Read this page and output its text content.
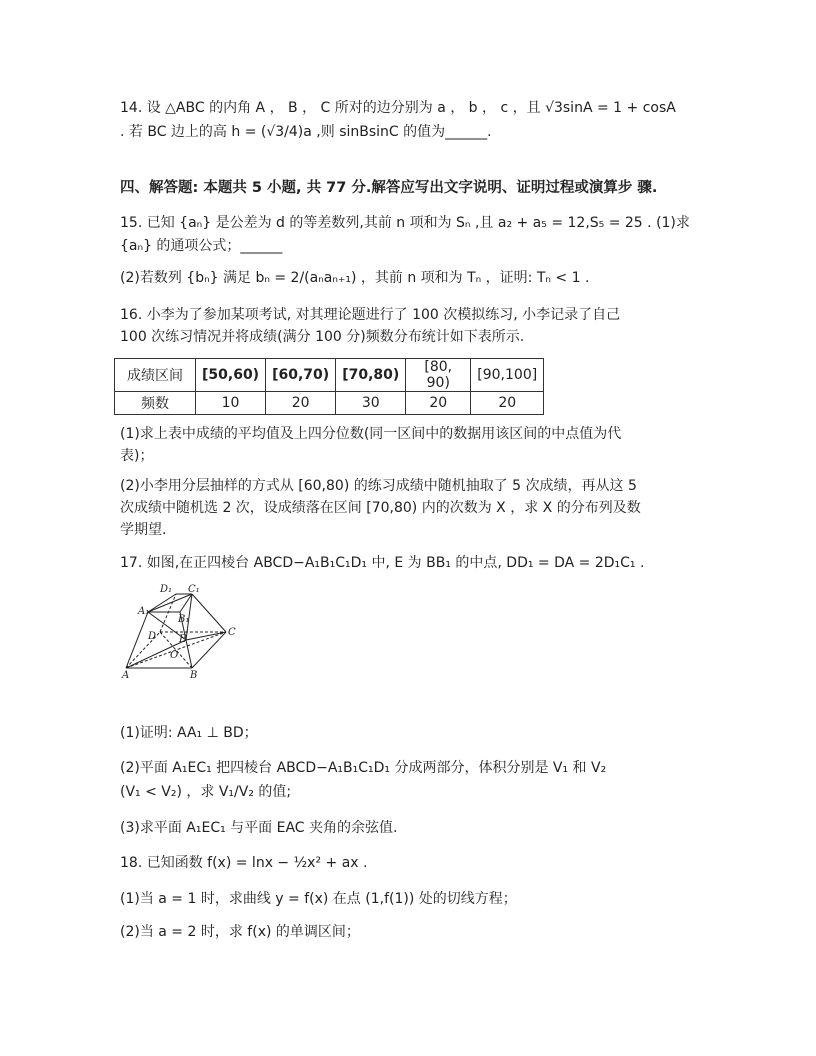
14. 设 △ABC 的内角 A ， B ， C 所对的边分别为 a ， b ， c ，且 √3sinA = 1 + cosA
. 若 BC 边上的高 h = (√3/4)a ,则 sinBsinC 的值为______.
四、解答题: 本题共 5 小题, 共 77 分.解答应写出文字说明、证明过程或演算步 骤.
15. 已知 {aₙ} 是公差为 d 的等差数列,其前 n 项和为 Sₙ ,且 a₂ + a₅ = 12,S₅ = 25 . (1)求
{aₙ} 的通项公式；______
(2)若数列 {bₙ} 满足 bₙ = 2/(aₙaₙ₊₁) ，其前 n 项和为 Tₙ ，证明: Tₙ < 1 .
16. 小李为了参加某项考试, 对其理论题进行了 100 次模拟练习, 小李记录了自己
100 次练习情况并将成绩(满分 100 分)频数分布统计如下表所示.
成绩区间	[50,60)	[60,70)	[70,80)	[80, 90)	[90,100]
频数	10	20	30	20	20
(1)求上表中成绩的平均值及上四分位数(同一区间中的数据用该区间的中点值为代
表)；
(2)小李用分层抽样的方式从 [60,80) 的练习成绩中随机抽取了 5 次成绩，再从这 5
次成绩中随机选 2 次，设成绩落在区间 [70,80) 内的次数为 X ，求 X 的分布列及数
学期望.
17. 如图,在正四棱台 ABCD−A₁B₁C₁D₁ 中, E 为 BB₁ 的中点, DD₁ = DA = 2D₁C₁ .
D₁ C₁
A₁
B₁
D E
C
O
A	B
(1)证明: AA₁ ⊥ BD；
(2)平面 A₁EC₁ 把四棱台 ABCD−A₁B₁C₁D₁ 分成两部分，体积分别是 V₁ 和 V₂
(V₁ < V₂) ，求 V₁/V₂ 的值;
(3)求平面 A₁EC₁ 与平面 EAC 夹角的余弦值.
18. 已知函数 f(x) = lnx − ½x² + ax .
(1)当 a = 1 时，求曲线 y = f(x) 在点 (1,f(1)) 处的切线方程；
(2)当 a = 2 时，求 f(x) 的单调区间；
